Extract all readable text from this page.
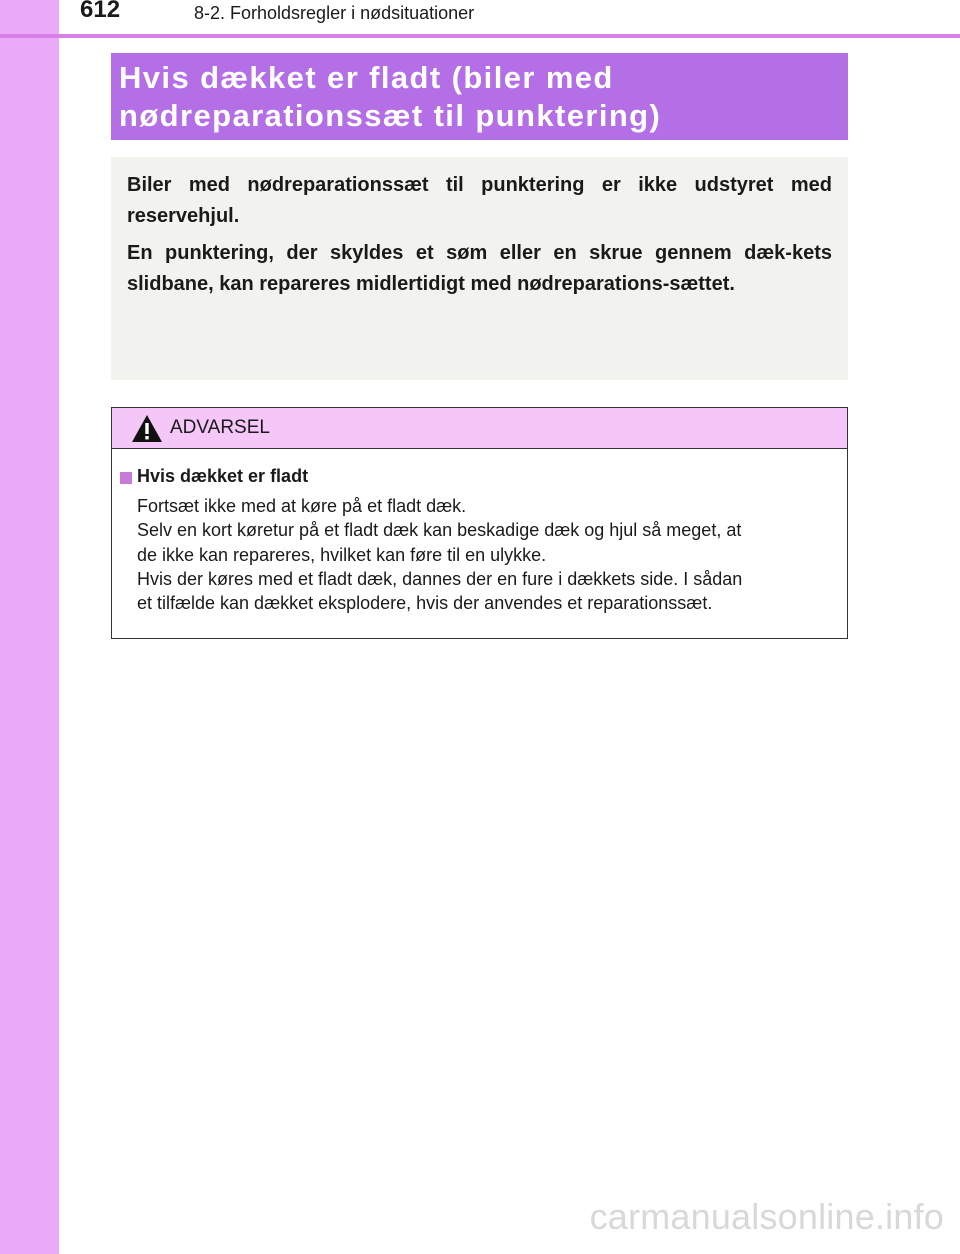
612	8-2. Forholdsregler i nødsituationer
Hvis dækket er fladt (biler med
nødreparationssæt til punktering)
Biler med nødreparationssæt til punktering er ikke udstyret med reservehjul.
En punktering, der skyldes et søm eller en skrue gennem dæk-kets slidbane, kan repareres midlertidigt med nødreparations-sættet.
ADVARSEL
Hvis dækket er fladt
Fortsæt ikke med at køre på et fladt dæk.
Selv en kort køretur på et fladt dæk kan beskadige dæk og hjul så meget, at
de ikke kan repareres, hvilket kan føre til en ulykke.
Hvis der køres med et fladt dæk, dannes der en fure i dækkets side. I sådan
et tilfælde kan dækket eksplodere, hvis der anvendes et reparationssæt.
carmanualsonline.info
